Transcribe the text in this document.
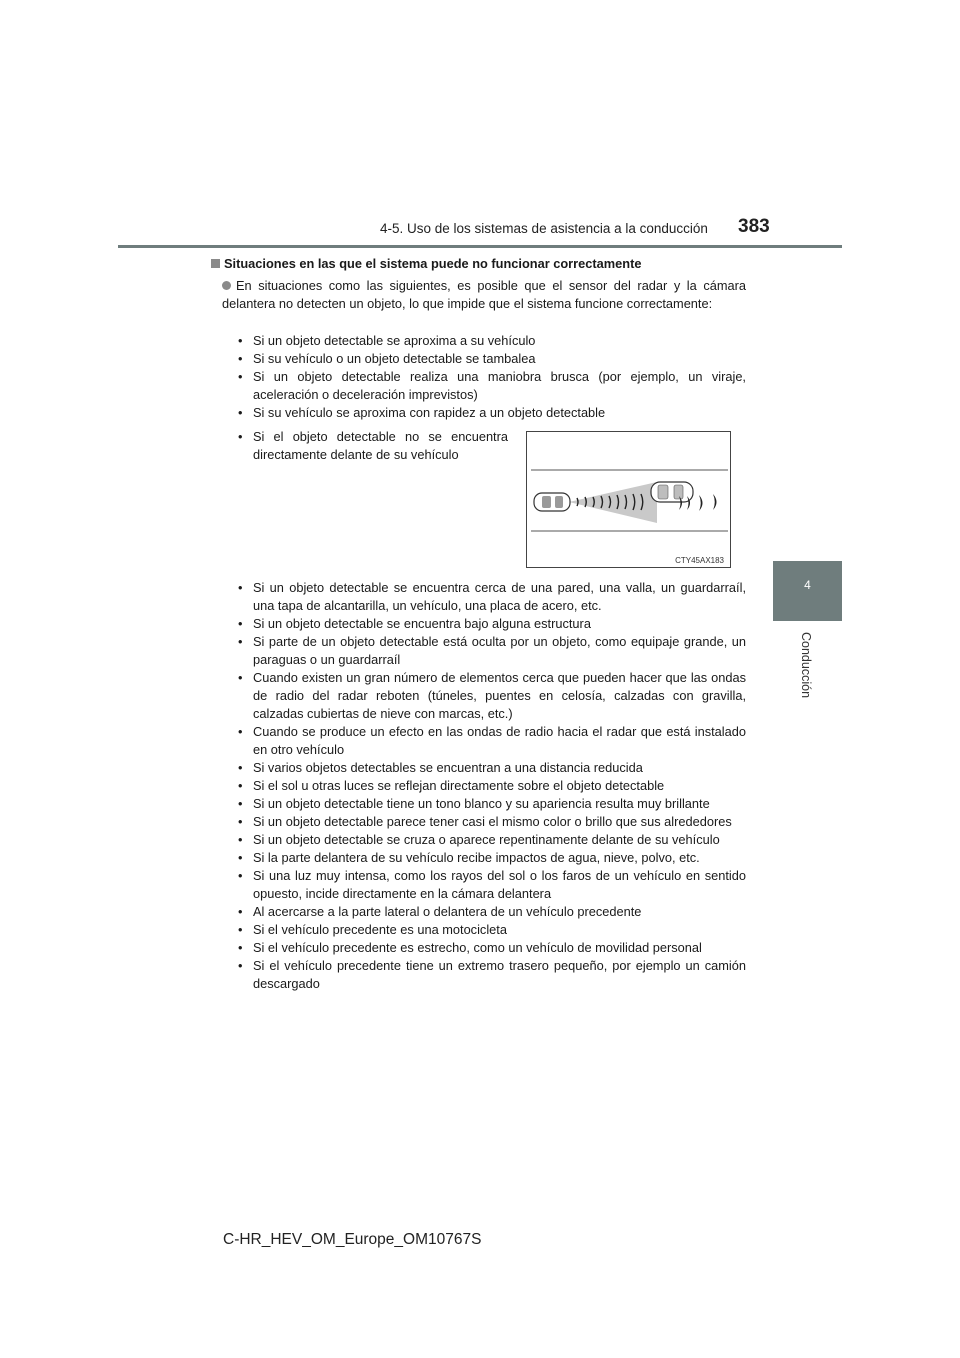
4-5. Uso de los sistemas de asistencia a la conducción 383
4
Conducción
Situaciones en las que el sistema puede no funcionar correctamente
En situaciones como las siguientes, es posible que el sensor del radar y la cámara delantera no detecten un objeto, lo que impide que el sistema funcione correctamente:
• Si un objeto detectable se aproxima a su vehículo
• Si su vehículo o un objeto detectable se tambalea
• Si un objeto detectable realiza una maniobra brusca (por ejemplo, un viraje, aceleración o deceleración imprevistos)
• Si su vehículo se aproxima con rapidez a un objeto detectable
• Si el objeto detectable no se encuentra directamente delante de su vehículo
CTY45AX183
• Si un objeto detectable se encuentra cerca de una pared, una valla, un guardarraíl, una tapa de alcantarilla, un vehículo, una placa de acero, etc.
• Si un objeto detectable se encuentra bajo alguna estructura
• Si parte de un objeto detectable está oculta por un objeto, como equipaje grande, un paraguas o un guardarraíl
• Cuando existen un gran número de elementos cerca que pueden hacer que las ondas de radio del radar reboten (túneles, puentes en celosía, calzadas con gravilla, calzadas cubiertas de nieve con marcas, etc.)
• Cuando se produce un efecto en las ondas de radio hacia el radar que está instalado en otro vehículo
• Si varios objetos detectables se encuentran a una distancia reducida
• Si el sol u otras luces se reflejan directamente sobre el objeto detectable
• Si un objeto detectable tiene un tono blanco y su apariencia resulta muy brillante
• Si un objeto detectable parece tener casi el mismo color o brillo que sus alrededores
• Si un objeto detectable se cruza o aparece repentinamente delante de su vehículo
• Si la parte delantera de su vehículo recibe impactos de agua, nieve, polvo, etc.
• Si una luz muy intensa, como los rayos del sol o los faros de un vehículo en sentido opuesto, incide directamente en la cámara delantera
• Al acercarse a la parte lateral o delantera de un vehículo precedente
• Si el vehículo precedente es una motocicleta
• Si el vehículo precedente es estrecho, como un vehículo de movilidad personal
• Si el vehículo precedente tiene un extremo trasero pequeño, por ejemplo un camión descargado
C-HR_HEV_OM_Europe_OM10767S
